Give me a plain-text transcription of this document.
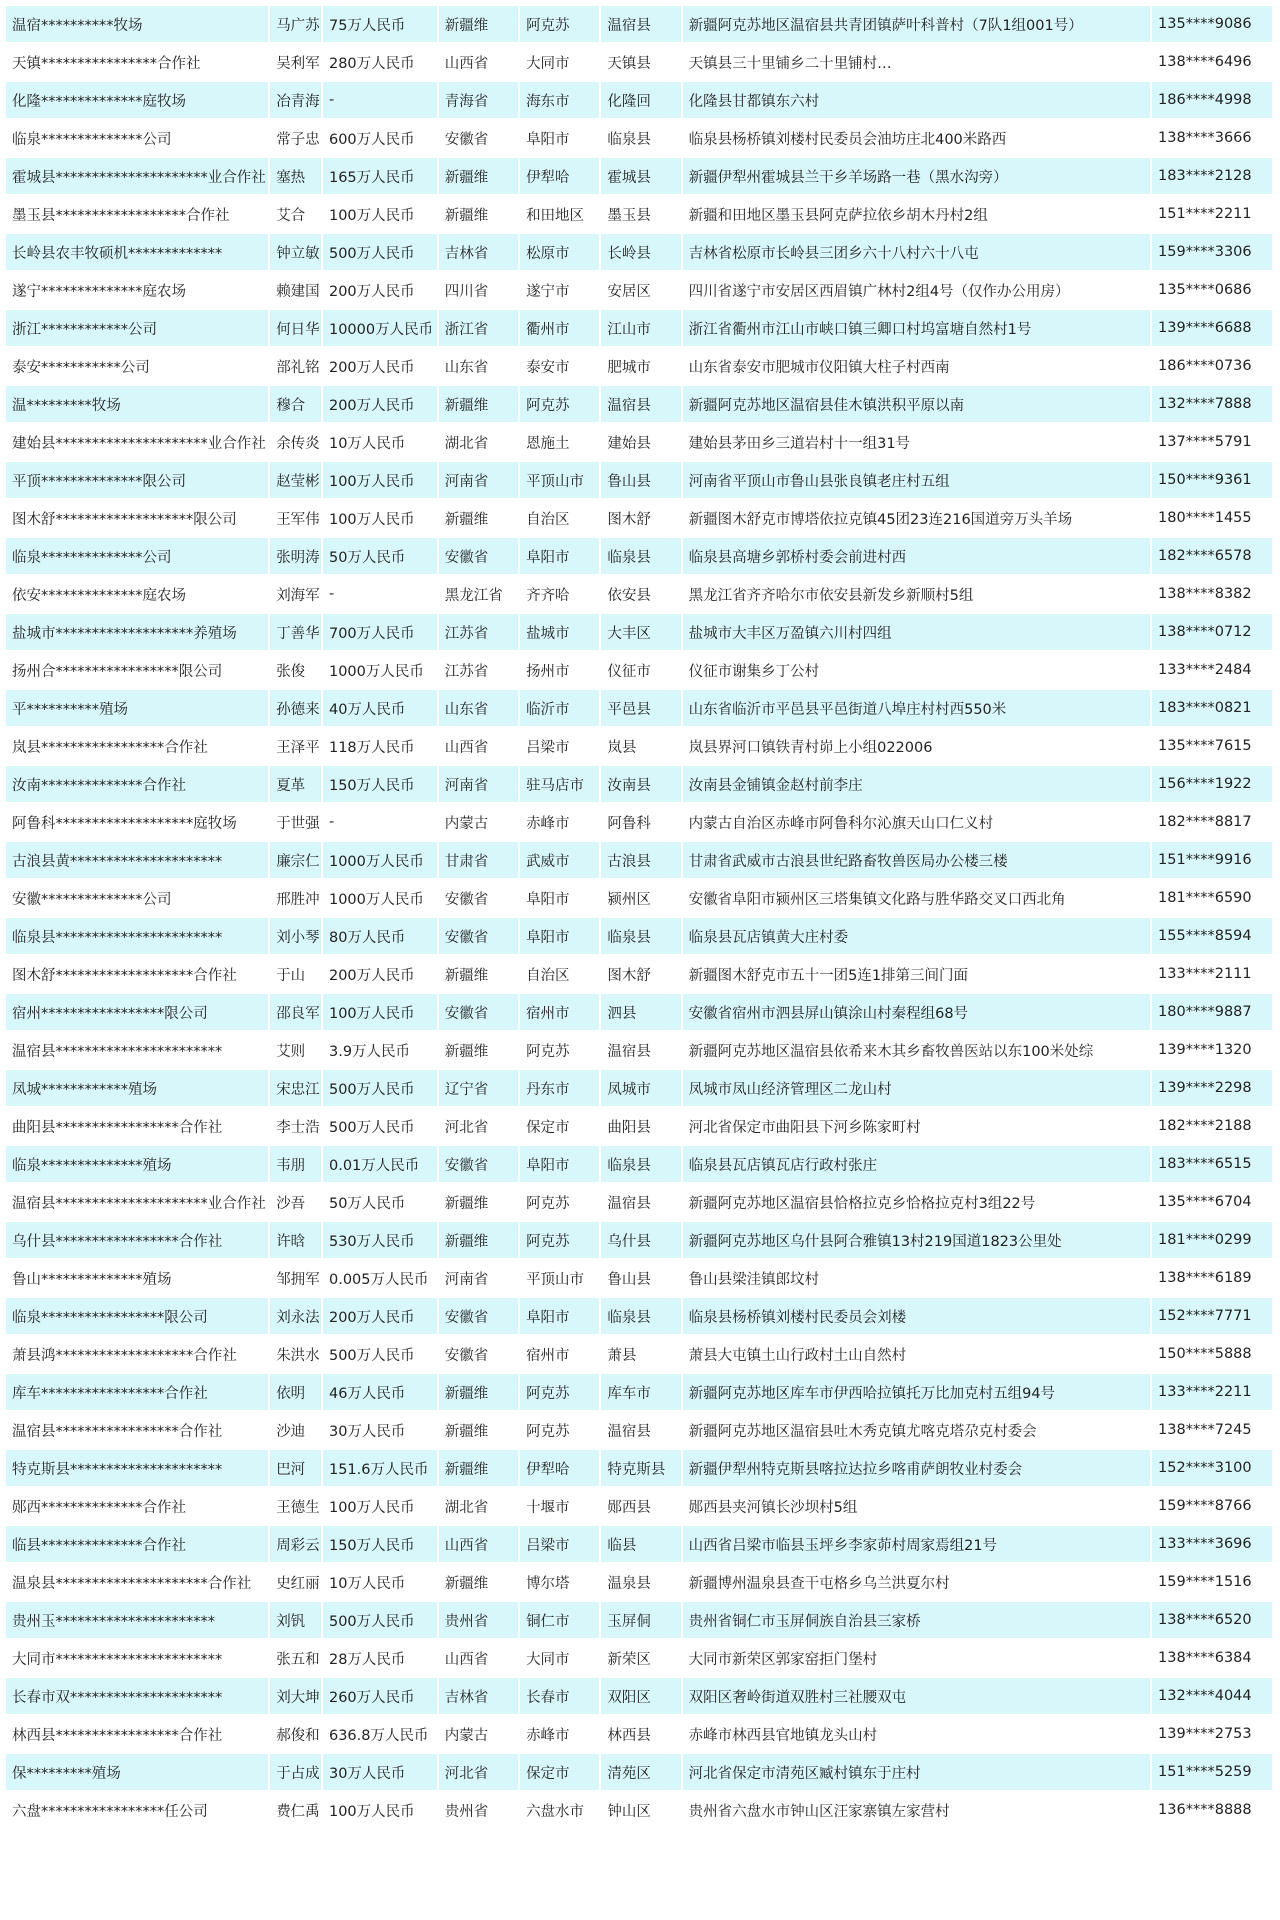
温宿**********牧场	马广苏	75万人民币	新疆维	阿克苏	温宿县	新疆阿克苏地区温宿县共青团镇萨叶科普村（7队1组001号）	135****9086
天镇****************合作社	吴利军	280万人民币	山西省	大同市	天镇县	天镇县三十里铺乡二十里铺村…	138****6496
化隆**************庭牧场	冶青海	-	青海省	海东市	化隆回	化隆县甘都镇东六村	186****4998
临泉**************公司	常子忠	600万人民币	安徽省	阜阳市	临泉县	临泉县杨桥镇刘楼村民委员会油坊庄北400米路西	138****3666
霍城县*********************业合作社	塞热	165万人民币	新疆维	伊犁哈	霍城县	新疆伊犁州霍城县兰干乡羊场路一巷（黑水沟旁）	183****2128
墨玉县******************合作社	艾合	100万人民币	新疆维	和田地区	墨玉县	新疆和田地区墨玉县阿克萨拉依乡胡木丹村2组	151****2211
长岭县农丰牧硕机*************	钟立敏	500万人民币	吉林省	松原市	长岭县	吉林省松原市长岭县三团乡六十八村六十八屯	159****3306
遂宁**************庭农场	赖建国	200万人民币	四川省	遂宁市	安居区	四川省遂宁市安居区西眉镇广林村2组4号（仅作办公用房）	135****0686
浙江************公司	何日华	10000万人民币	浙江省	衢州市	江山市	浙江省衢州市江山市峡口镇三卿口村坞富塘自然村1号	139****6688
泰安***********公司	部礼铭	200万人民币	山东省	泰安市	肥城市	山东省泰安市肥城市仪阳镇大柱子村西南	186****0736
温*********牧场	穆合	200万人民币	新疆维	阿克苏	温宿县	新疆阿克苏地区温宿县佳木镇洪积平原以南	132****7888
建始县*********************业合作社	余传炎	10万人民币	湖北省	恩施土	建始县	建始县茅田乡三道岩村十一组31号	137****5791
平顶**************限公司	赵莹彬	100万人民币	河南省	平顶山市	鲁山县	河南省平顶山市鲁山县张良镇老庄村五组	150****9361
图木舒*******************限公司	王军伟	100万人民币	新疆维	自治区	图木舒	新疆图木舒克市博塔依拉克镇45团23连216国道旁万头羊场	180****1455
临泉**************公司	张明涛	50万人民币	安徽省	阜阳市	临泉县	临泉县高塘乡郭桥村委会前进村西	182****6578
依安**************庭农场	刘海军	-	黑龙江省	齐齐哈	依安县	黑龙江省齐齐哈尔市依安县新发乡新顺村5组	138****8382
盐城市*******************养殖场	丁善华	700万人民币	江苏省	盐城市	大丰区	盐城市大丰区万盈镇六川村四组	138****0712
扬州合*****************限公司	张俊	1000万人民币	江苏省	扬州市	仪征市	仪征市谢集乡丁公村	133****2484
平**********殖场	孙德来	40万人民币	山东省	临沂市	平邑县	山东省临沂市平邑县平邑街道八埠庄村村西550米	183****0821
岚县*****************合作社	王泽平	118万人民币	山西省	吕梁市	岚县	岚县界河口镇铁青村峁上小组022006	135****7615
汝南**************合作社	夏革	150万人民币	河南省	驻马店市	汝南县	汝南县金铺镇金赵村前李庄	156****1922
阿鲁科*******************庭牧场	于世强	-	内蒙古	赤峰市	阿鲁科	内蒙古自治区赤峰市阿鲁科尔沁旗天山口仁义村	182****8817
古浪县黄*********************	廉宗仁	1000万人民币	甘肃省	武威市	古浪县	甘肃省武威市古浪县世纪路畜牧兽医局办公楼三楼	151****9916
安徽**************公司	邢胜冲	1000万人民币	安徽省	阜阳市	颍州区	安徽省阜阳市颍州区三塔集镇文化路与胜华路交叉口西北角	181****6590
临泉县***********************	刘小琴	80万人民币	安徽省	阜阳市	临泉县	临泉县瓦店镇黄大庄村委	155****8594
图木舒*******************合作社	于山	200万人民币	新疆维	自治区	图木舒	新疆图木舒克市五十一团5连1排第三间门面	133****2111
宿州*****************限公司	邵良军	100万人民币	安徽省	宿州市	泗县	安徽省宿州市泗县屏山镇涂山村秦程组68号	180****9887
温宿县***********************	艾则	3.9万人民币	新疆维	阿克苏	温宿县	新疆阿克苏地区温宿县依希来木其乡畜牧兽医站以东100米处综	139****1320
凤城************殖场	宋忠江	500万人民币	辽宁省	丹东市	凤城市	凤城市凤山经济管理区二龙山村	139****2298
曲阳县*****************合作社	李士浩	500万人民币	河北省	保定市	曲阳县	河北省保定市曲阳县下河乡陈家町村	182****2188
临泉**************殖场	韦朋	0.01万人民币	安徽省	阜阳市	临泉县	临泉县瓦店镇瓦店行政村张庄	183****6515
温宿县*********************业合作社	沙吾	50万人民币	新疆维	阿克苏	温宿县	新疆阿克苏地区温宿县恰格拉克乡恰格拉克村3组22号	135****6704
乌什县*****************合作社	许晗	530万人民币	新疆维	阿克苏	乌什县	新疆阿克苏地区乌什县阿合雅镇13村219国道1823公里处	181****0299
鲁山**************殖场	邹拥军	0.005万人民币	河南省	平顶山市	鲁山县	鲁山县梁洼镇郎坟村	138****6189
临泉*****************限公司	刘永法	200万人民币	安徽省	阜阳市	临泉县	临泉县杨桥镇刘楼村民委员会刘楼	152****7771
萧县鸿*******************合作社	朱洪水	500万人民币	安徽省	宿州市	萧县	萧县大屯镇土山行政村土山自然村	150****5888
库车*****************合作社	依明	46万人民币	新疆维	阿克苏	库车市	新疆阿克苏地区库车市伊西哈拉镇托万比加克村五组94号	133****2211
温宿县*****************合作社	沙迪	30万人民币	新疆维	阿克苏	温宿县	新疆阿克苏地区温宿县吐木秀克镇尤喀克塔尕克村委会	138****7245
特克斯县*********************	巴河	151.6万人民币	新疆维	伊犁哈	特克斯县	新疆伊犁州特克斯县喀拉达拉乡喀甫萨朗牧业村委会	152****3100
郧西**************合作社	王德生	100万人民币	湖北省	十堰市	郧西县	郧西县夹河镇长沙坝村5组	159****8766
临县**************合作社	周彩云	150万人民币	山西省	吕梁市	临县	山西省吕梁市临县玉坪乡李家茆村周家焉组21号	133****3696
温泉县*********************合作社	史红丽	10万人民币	新疆维	博尔塔	温泉县	新疆博州温泉县查干屯格乡乌兰洪夏尔村	159****1516
贵州玉**********************	刘钒	500万人民币	贵州省	铜仁市	玉屏侗	贵州省铜仁市玉屏侗族自治县三家桥	138****6520
大同市***********************	张五和	28万人民币	山西省	大同市	新荣区	大同市新荣区郭家窑拒门堡村	138****6384
长春市双*********************	刘大坤	260万人民币	吉林省	长春市	双阳区	双阳区奢岭街道双胜村三社腰双屯	132****4044
林西县*****************合作社	郝俊和	636.8万人民币	内蒙古	赤峰市	林西县	赤峰市林西县官地镇龙头山村	139****2753
保*********殖场	于占成	30万人民币	河北省	保定市	清苑区	河北省保定市清苑区臧村镇东于庄村	151****5259
六盘*****************任公司	费仁禹	100万人民币	贵州省	六盘水市	钟山区	贵州省六盘水市钟山区汪家寨镇左家营村	136****8888
